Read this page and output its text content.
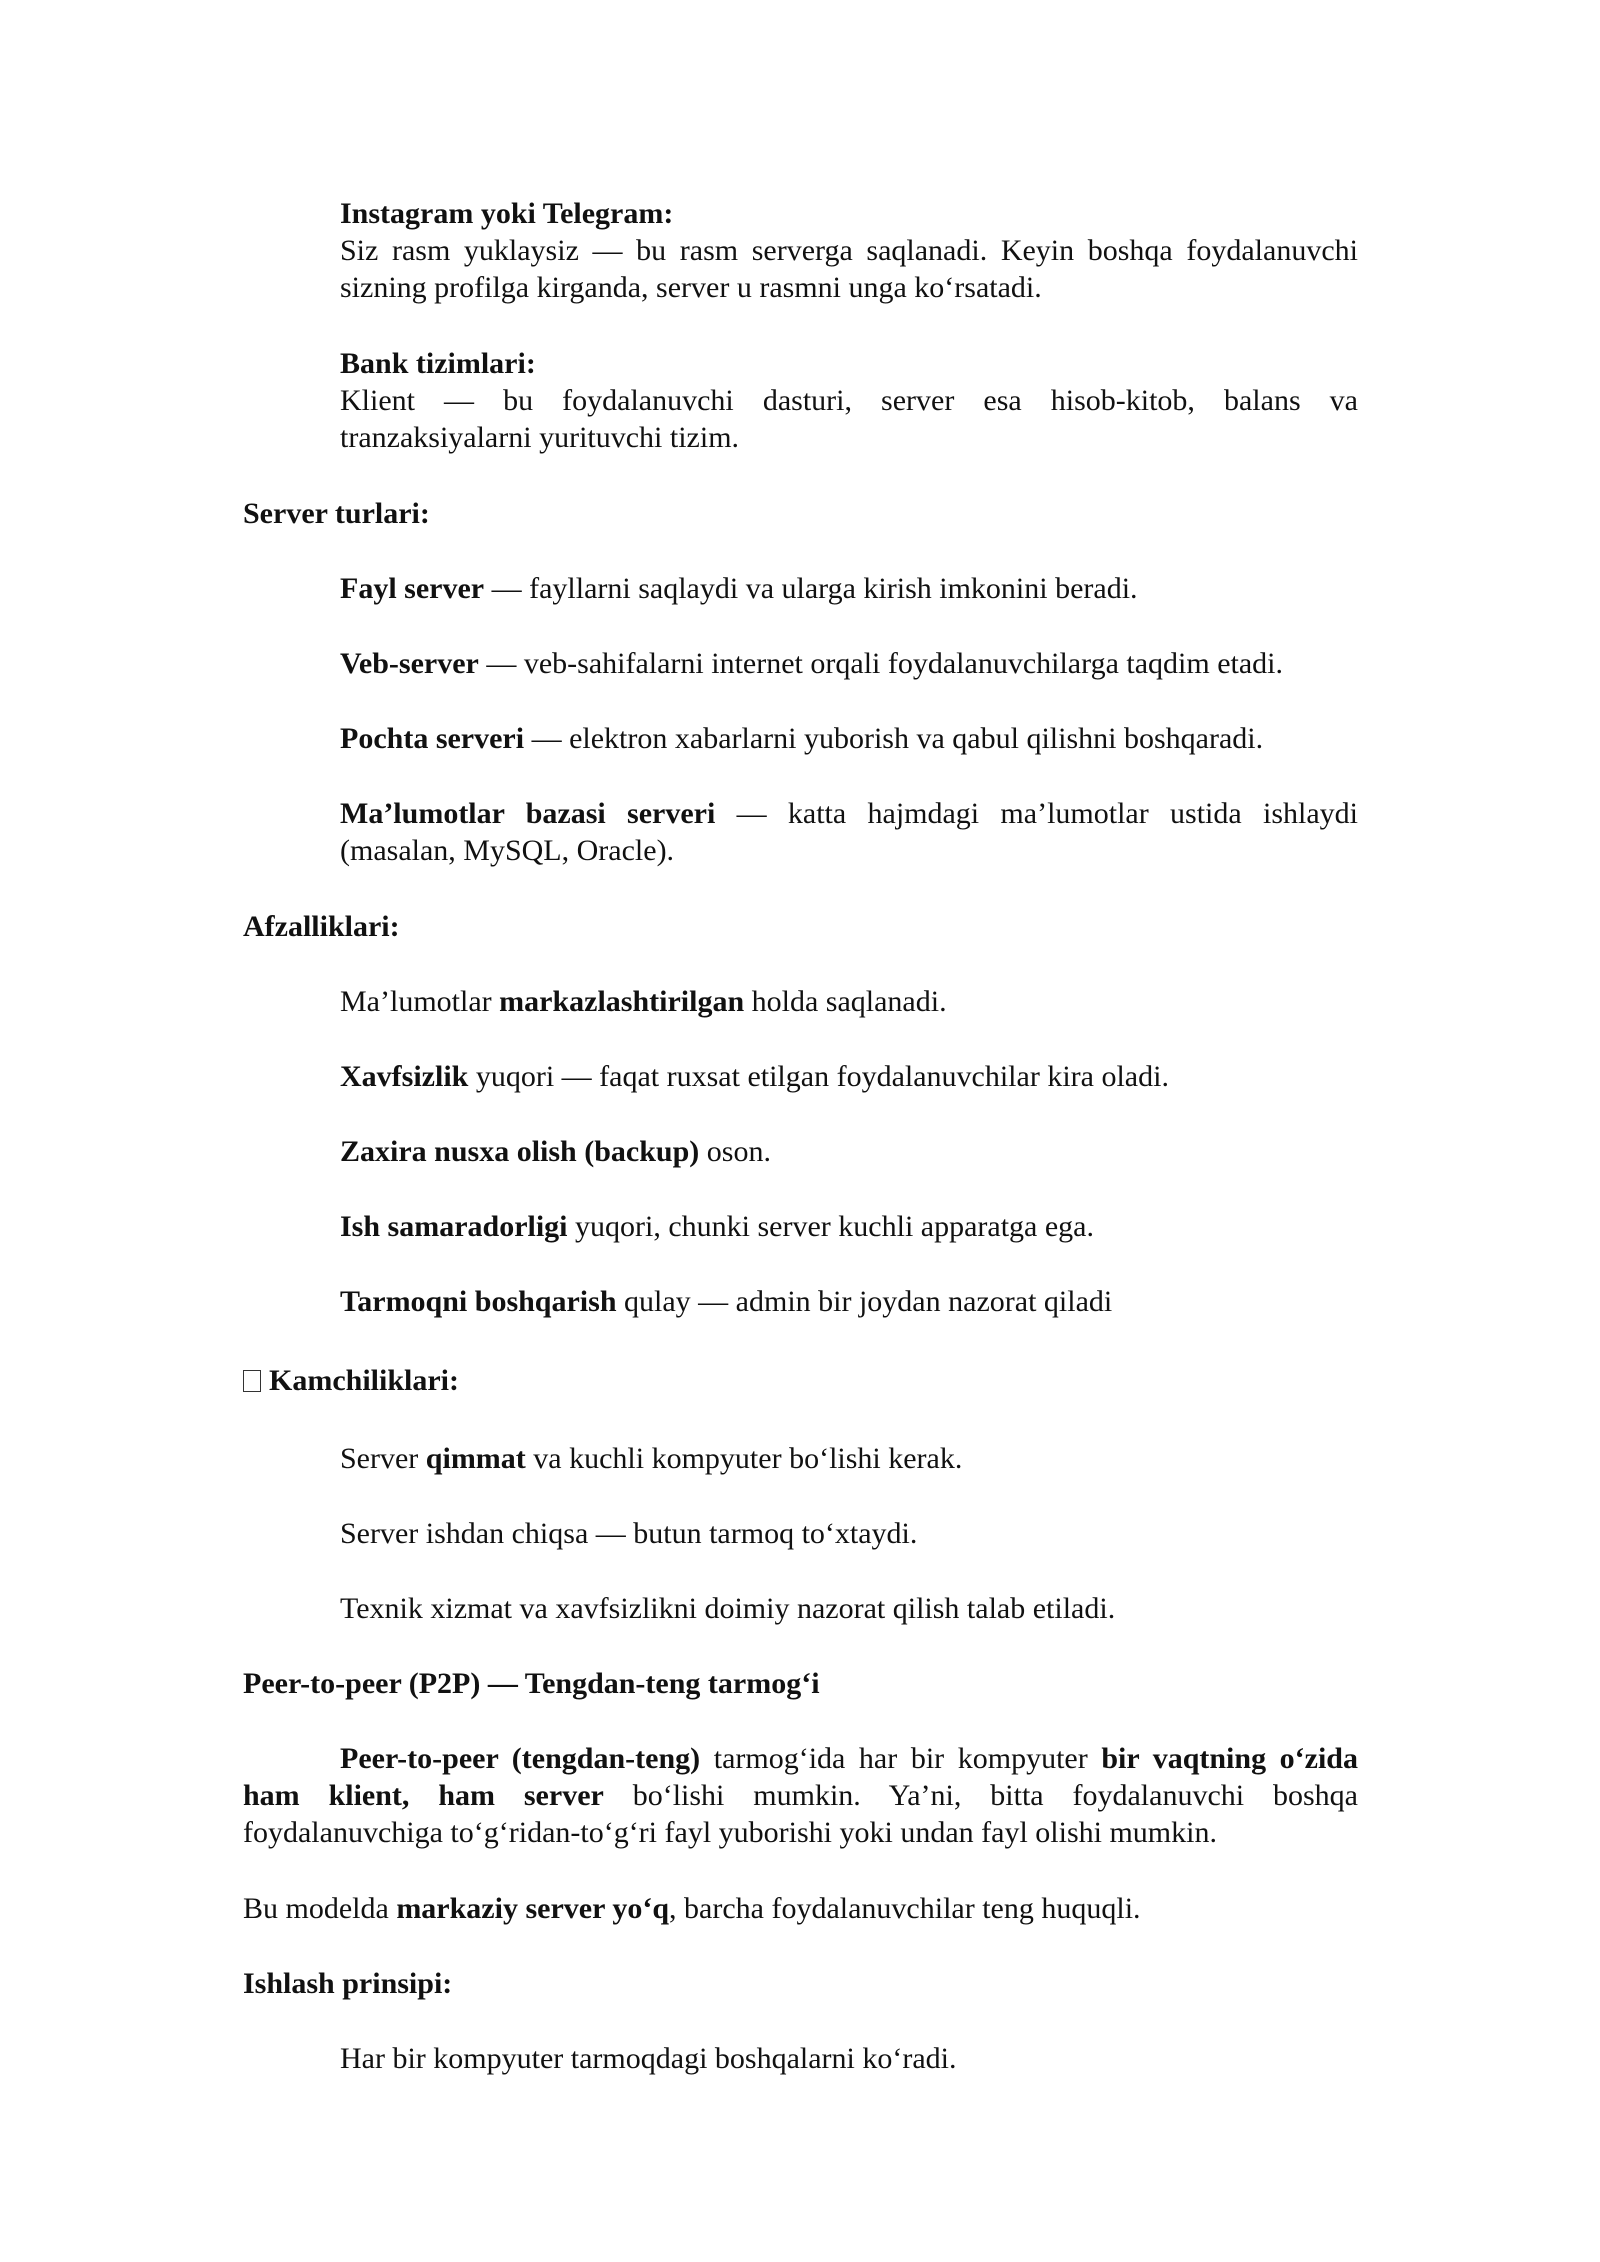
Instagram yoki Telegram:
Siz rasm yuklaysiz — bu rasm serverga saqlanadi. Keyin boshqa foydalanuvchi sizning profilga kirganda, server u rasmni unga ko‘rsatadi.
Bank tizimlari:
Klient — bu foydalanuvchi dasturi, server esa hisob-kitob, balans va tranzaksiyalarni yurituvchi tizim.
Server turlari:
Fayl server — fayllarni saqlaydi va ularga kirish imkonini beradi.
Veb-server — veb-sahifalarni internet orqali foydalanuvchilarga taqdim etadi.
Pochta serveri — elektron xabarlarni yuborish va qabul qilishni boshqaradi.
Ma’lumotlar bazasi serveri — katta hajmdagi ma’lumotlar ustida ishlaydi (masalan, MySQL, Oracle).
Afzalliklari:
Ma’lumotlar markazlashtirilgan holda saqlanadi.
Xavfsizlik yuqori — faqat ruxsat etilgan foydalanuvchilar kira oladi.
Zaxira nusxa olish (backup) oson.
Ish samaradorligi yuqori, chunki server kuchli apparatga ega.
Tarmoqni boshqarish qulay — admin bir joydan nazorat qiladi
Kamchiliklari:
Server qimmat va kuchli kompyuter bo‘lishi kerak.
Server ishdan chiqsa — butun tarmoq to‘xtaydi.
Texnik xizmat va xavfsizlikni doimiy nazorat qilish talab etiladi.
Peer-to-peer (P2P) — Tengdan-teng tarmog‘i
Peer-to-peer (tengdan-teng) tarmog‘ida har bir kompyuter bir vaqtning o‘zida ham klient, ham server bo‘lishi mumkin. Ya’ni, bitta foydalanuvchi boshqa foydalanuvchiga to‘g‘ridan-to‘g‘ri fayl yuborishi yoki undan fayl olishi mumkin.
Bu modelda markaziy server yo‘q, barcha foydalanuvchilar teng huquqli.
Ishlash prinsipi:
Har bir kompyuter tarmoqdagi boshqalarni ko‘radi.
